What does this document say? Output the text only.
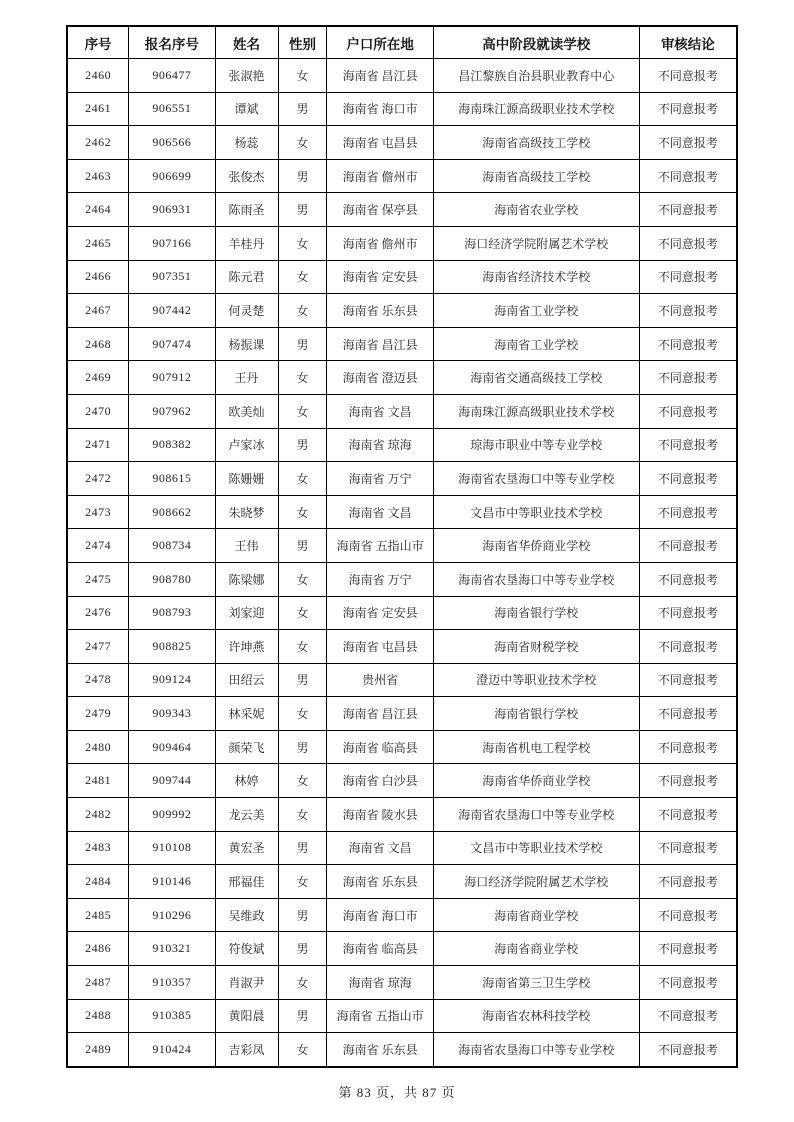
序号	报名序号	姓名	性别	户口所在地	高中阶段就读学校	审核结论
2460	906477	张淑艳	女	海南省 昌江县	昌江黎族自治县职业教育中心	不同意报考
2461	906551	谭斌	男	海南省 海口市	海南珠江源高级职业技术学校	不同意报考
2462	906566	杨蕊	女	海南省 屯昌县	海南省高级技工学校	不同意报考
2463	906699	张俊杰	男	海南省 儋州市	海南省高级技工学校	不同意报考
2464	906931	陈雨圣	男	海南省 保亭县	海南省农业学校	不同意报考
2465	907166	羊桂丹	女	海南省 儋州市	海口经济学院附属艺术学校	不同意报考
2466	907351	陈元君	女	海南省 定安县	海南省经济技术学校	不同意报考
2467	907442	何灵楚	女	海南省 乐东县	海南省工业学校	不同意报考
2468	907474	杨振课	男	海南省 昌江县	海南省工业学校	不同意报考
2469	907912	王丹	女	海南省 澄迈县	海南省交通高级技工学校	不同意报考
2470	907962	欧美灿	女	海南省 文昌	海南珠江源高级职业技术学校	不同意报考
2471	908382	卢家冰	男	海南省 琼海	琼海市职业中等专业学校	不同意报考
2472	908615	陈姗姗	女	海南省 万宁	海南省农垦海口中等专业学校	不同意报考
2473	908662	朱晓梦	女	海南省 文昌	文昌市中等职业技术学校	不同意报考
2474	908734	王伟	男	海南省 五指山市	海南省华侨商业学校	不同意报考
2475	908780	陈梁娜	女	海南省 万宁	海南省农垦海口中等专业学校	不同意报考
2476	908793	刘家迎	女	海南省 定安县	海南省银行学校	不同意报考
2477	908825	许坤燕	女	海南省 屯昌县	海南省财税学校	不同意报考
2478	909124	田绍云	男	贵州省	澄迈中等职业技术学校	不同意报考
2479	909343	林采妮	女	海南省 昌江县	海南省银行学校	不同意报考
2480	909464	颜荣飞	男	海南省 临高县	海南省机电工程学校	不同意报考
2481	909744	林婷	女	海南省 白沙县	海南省华侨商业学校	不同意报考
2482	909992	龙云美	女	海南省 陵水县	海南省农垦海口中等专业学校	不同意报考
2483	910108	黄宏圣	男	海南省 文昌	文昌市中等职业技术学校	不同意报考
2484	910146	邢福佳	女	海南省 乐东县	海口经济学院附属艺术学校	不同意报考
2485	910296	吴维政	男	海南省 海口市	海南省商业学校	不同意报考
2486	910321	符俊斌	男	海南省 临高县	海南省商业学校	不同意报考
2487	910357	肖淑尹	女	海南省 琼海	海南省第三卫生学校	不同意报考
2488	910385	黄阳晨	男	海南省 五指山市	海南省农林科技学校	不同意报考
2489	910424	吉彩凤	女	海南省 乐东县	海南省农垦海口中等专业学校	不同意报考
第 83 页，共 87 页
